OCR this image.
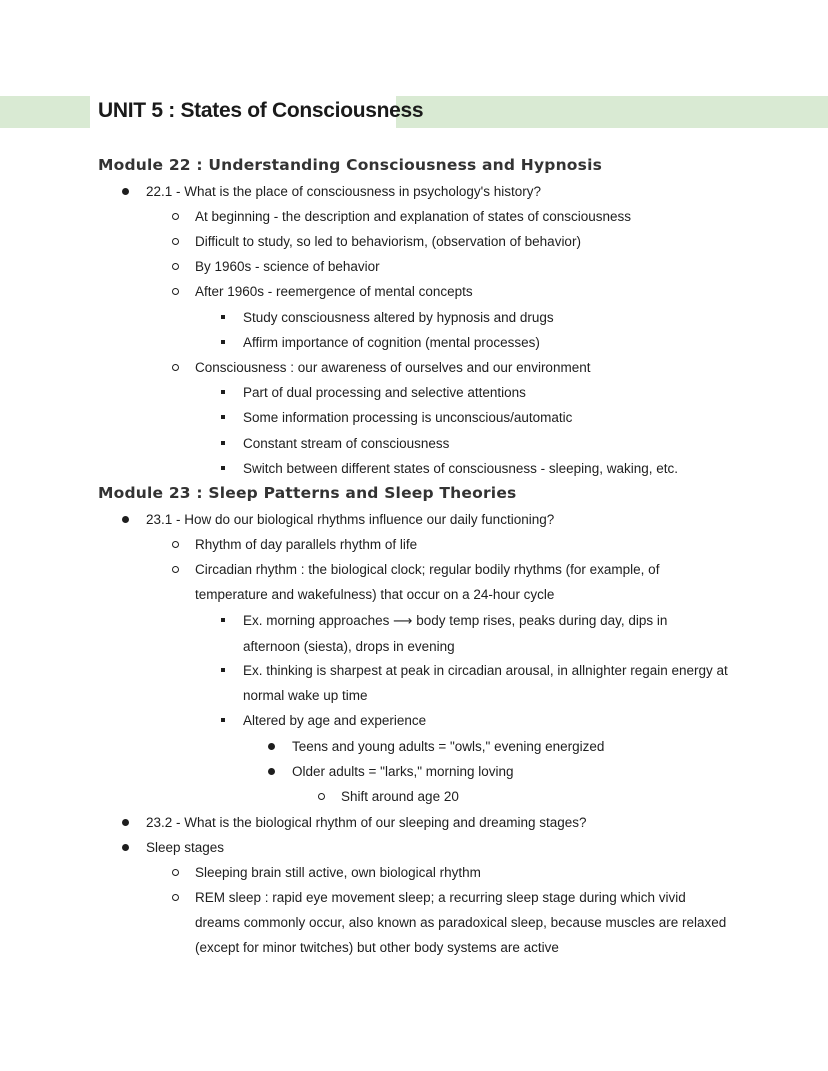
UNIT 5 : States of Consciousness
Module 22 : Understanding Consciousness and Hypnosis

22.1 - What is the place of consciousness in psychology's history?

At beginning - the description and explanation of states of consciousness

Difficult to study, so led to behaviorism, (observation of behavior)

By 1960s - science of behavior

After 1960s - reemergence of mental concepts

Study consciousness altered by hypnosis and drugs

Affirm importance of cognition (mental processes)

Consciousness : our awareness of ourselves and our environment

Part of dual processing and selective attentions

Some information processing is unconscious/automatic

Constant stream of consciousness

Switch between different states of consciousness - sleeping, waking, etc.

Module 23 : Sleep Patterns and Sleep Theories

23.1 - How do our biological rhythms influence our daily functioning?

Rhythm of day parallels rhythm of life

Circadian rhythm : the biological clock; regular bodily rhythms (for example, of temperature and wakefulness) that occur on a 24-hour cycle

Ex. morning approaches ⟶ body temp rises, peaks during day, dips in afternoon (siesta), drops in evening

Ex. thinking is sharpest at peak in circadian arousal, in allnighter regain energy at normal wake up time

Altered by age and experience

Teens and young adults = "owls," evening energized

Older adults = "larks," morning loving

Shift around age 20

23.2 - What is the biological rhythm of our sleeping and dreaming stages?

Sleep stages

Sleeping brain still active, own biological rhythm

REM sleep : rapid eye movement sleep; a recurring sleep stage during which vivid dreams commonly occur, also known as paradoxical sleep, because muscles are relaxed (except for minor twitches) but other body systems are active
